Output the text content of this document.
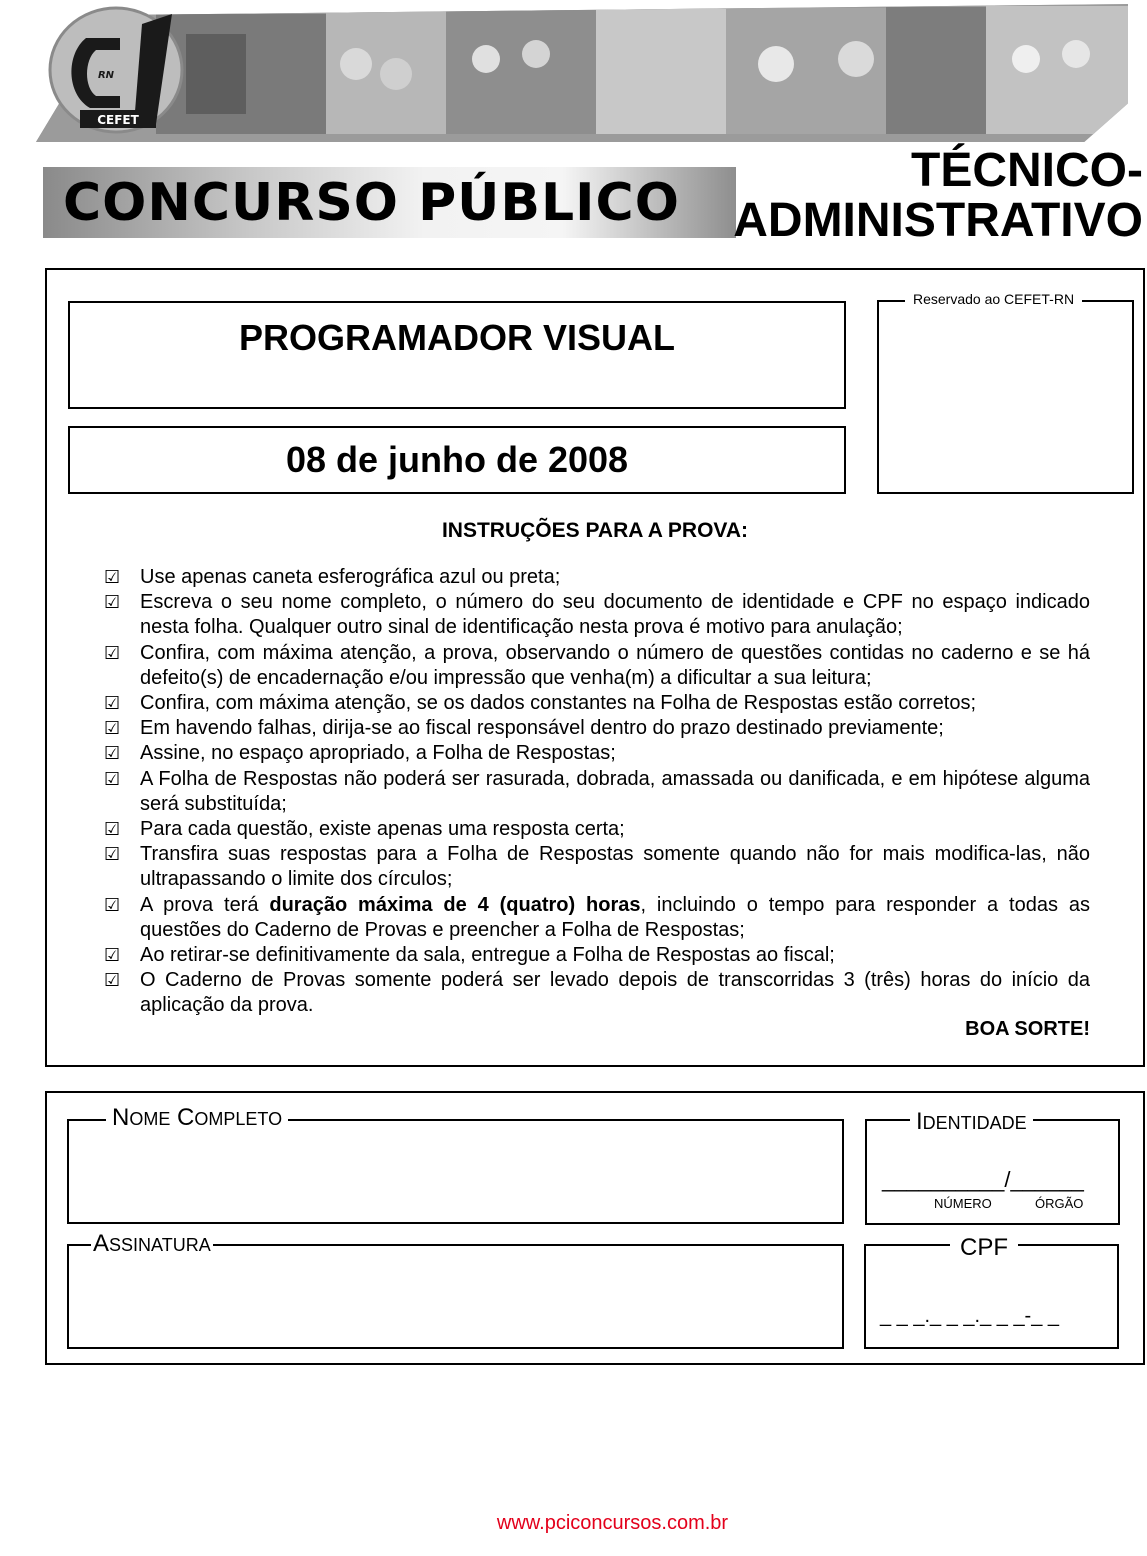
CEFET
RN
CONCURSO PÚBLICO
TÉCNICO-
ADMINISTRATIVO
PROGRAMADOR VISUAL
08 de junho de 2008
Reservado ao CEFET-RN
INSTRUÇÕES PARA A PROVA:
☑ Use apenas caneta esferográfica azul ou preta;
☑ Escreva o seu nome completo, o número do seu documento de identidade e CPF no espaço indicado nesta folha. Qualquer outro sinal de identificação nesta prova é motivo para anulação;
☑ Confira, com máxima atenção, a prova, observando o número de questões contidas no caderno e se há defeito(s) de encadernação e/ou impressão que venha(m) a dificultar a sua leitura;
☑ Confira, com máxima atenção, se os dados constantes na Folha de Respostas estão corretos;
☑ Em havendo falhas, dirija-se ao fiscal responsável dentro do prazo destinado previamente;
☑ Assine, no espaço apropriado, a Folha de Respostas;
☑ A Folha de Respostas não poderá ser rasurada, dobrada, amassada ou danificada, e em hipótese alguma será substituída;
☑ Para cada questão, existe apenas uma resposta certa;
☑ Transfira suas respostas para a Folha de Respostas somente quando não for mais modifica-las, não ultrapassando o limite dos círculos;
☑ A prova terá duração máxima de 4 (quatro) horas, incluindo o tempo para responder a todas as questões do Caderno de Provas e preencher a Folha de Respostas;
☑ Ao retirar-se definitivamente da sala, entregue a Folha de Respostas ao fiscal;
☑ O Caderno de Provas somente poderá ser levado depois de transcorridas 3 (três) horas do início da aplicação da prova.
BOA SORTE!
NOME COMPLETO	IDENTIDADE
__________/______
NÚMERO	ÓRGÃO
ASSINATURA	CPF
_ _ _._ _ _._ _ _-_ _
www.pciconcursos.com.br
